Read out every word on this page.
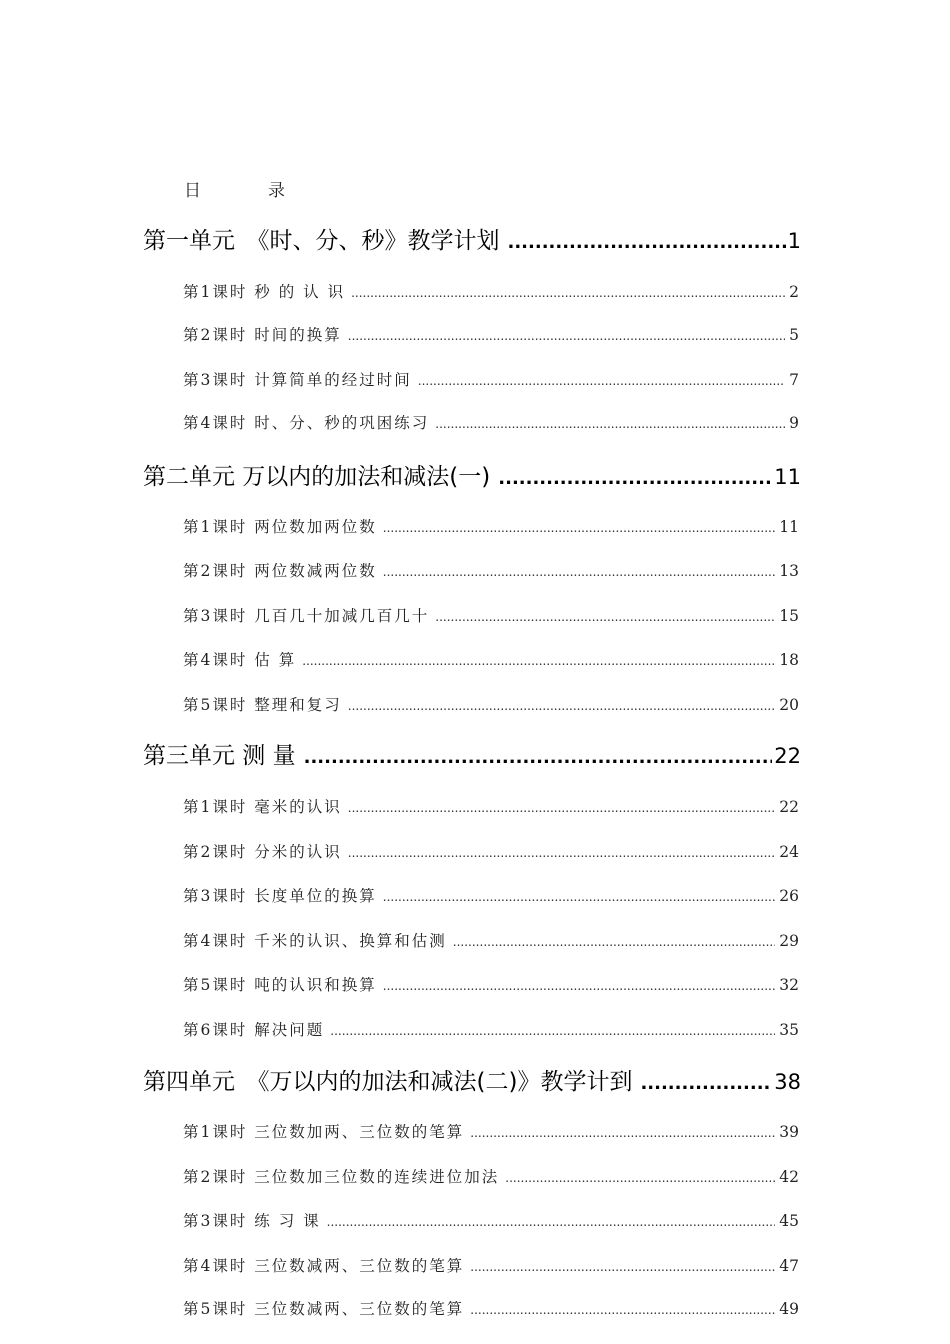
日	录
第一单元　《时、分、秒》教学计划 .....	1
第1课时 秒 的 认 识 .....	2
第2课时 时间的换算 .....	5
第3课时 计算简单的经过时间 .....	7
第4课时 时、分、秒的巩困练习 .....	9
第二单元 万以内的加法和减法(一) .....	11
第1课时 两位数加两位数 .....	11
第2课时 两位数减两位数 .....	13
第3课时 几百几十加减几百几十 .....	15
第4课时 估 算 .....	18
第5课时 整理和复习 .....	20
第三单元 测 量 .....	22
第1课时 毫米的认识 .....	22
第2课时 分米的认识 .....	24
第3课时 长度单位的换算 .....	26
第4课时 千米的认识、换算和估测 .....	29
第5课时 吨的认识和换算 .....	32
第6课时 解决问题 .....	35
第四单元　《万以内的加法和减法(二)》教学计到 .....	38
第1课时 三位数加两、三位数的笔算 .....	39
第2课时 三位数加三位数的连续进位加法 .....	42
第3课时 练 习 课 .....	45
第4课时 三位数减两、三位数的笔算 .....	47
第5课时 三位数减两、三位数的笔算 .....	49
